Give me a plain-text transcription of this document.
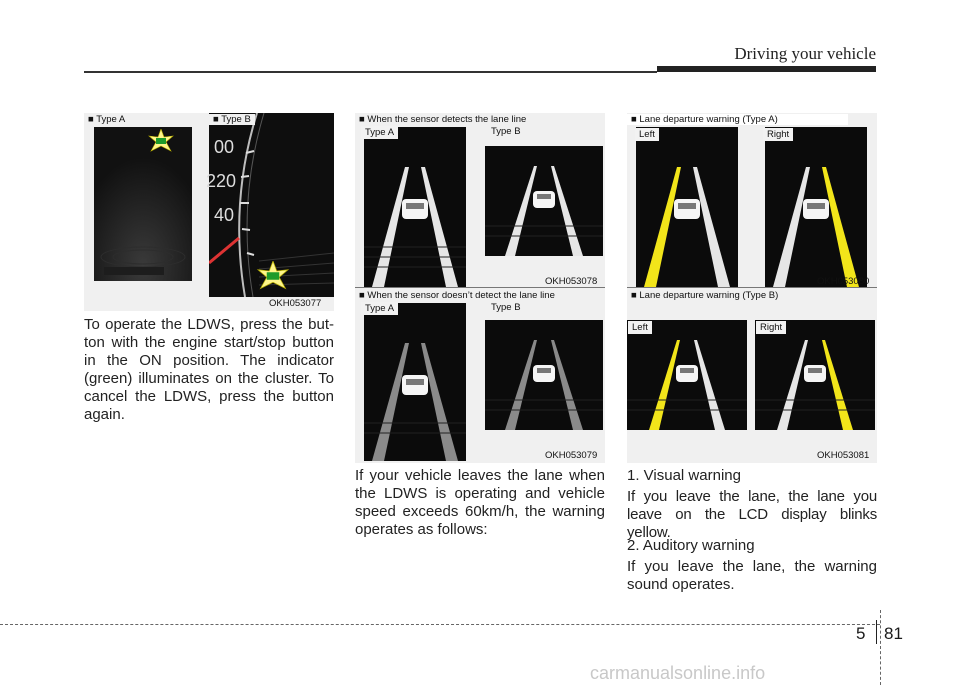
Driving your vehicle
■ Type A
00
220
40
■ Type B
OKH053077

To operate the LDWS, press the but-ton with the engine start/stop button in the ON position. The indicator (green) illuminates on the cluster. To cancel the LDWS, press the button again.

■ When the sensor detects the lane line
Type A	Type B
OKH053078
■ When the sensor doesn’t detect the lane line
Type A	Type B
OKH053079

If your vehicle leaves the lane when the LDWS is operating and vehicle speed exceeds 60km/h, the warning operates as follows:

■ Lane departure warning (Type A)
Left	Right
OKH053080
■ Lane departure warning (Type B)
Left	Right
OKH053081
1. Visual warning

If you leave the lane, the lane you leave on the LCD display blinks yellow.

2. Auditory warning

If you leave the lane, the warning sound operates.

5 81
carmanualsonline.info
